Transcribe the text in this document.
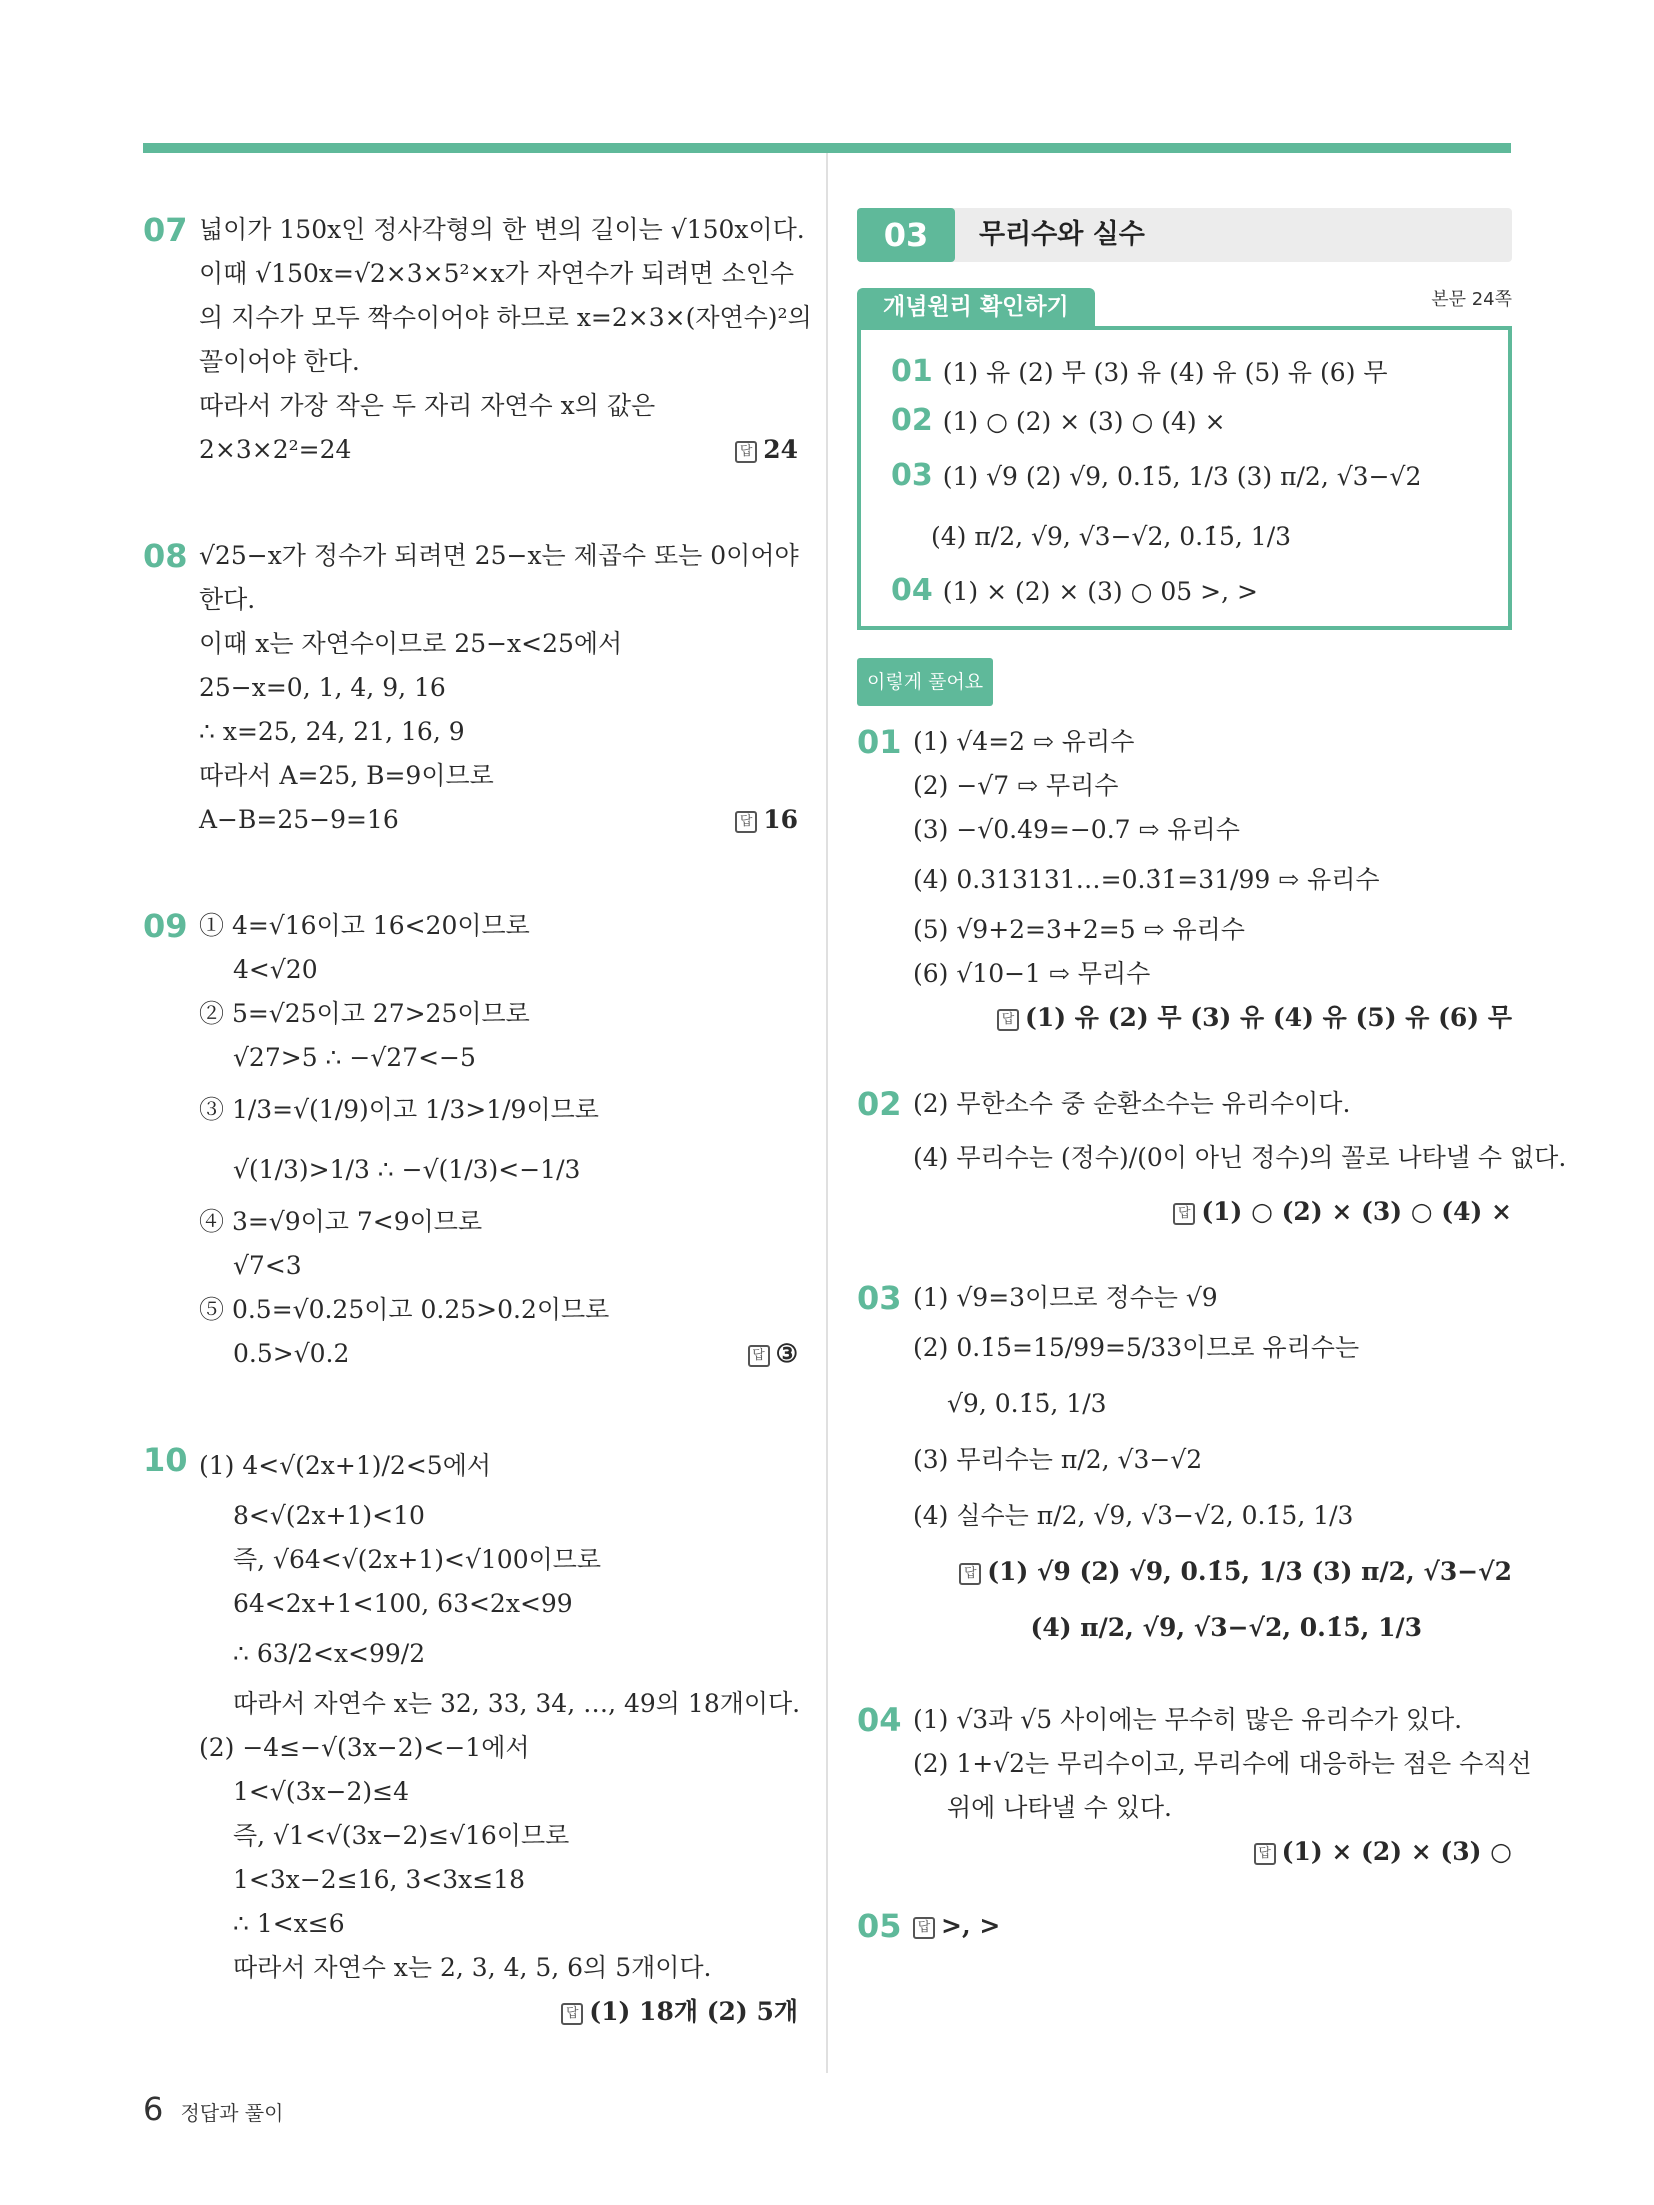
07 넓이가 150x인 정사각형의 한 변의 길이는 √150x이다.
이때 √150x=√2×3×5²×x가 자연수가 되려면 소인수
의 지수가 모두 짝수이어야 하므로 x=2×3×(자연수)²의
꼴이어야 한다.
따라서 가장 작은 두 자리 자연수 x의 값은
2×3×2²=24	답 24
08 √25−x가 정수가 되려면 25−x는 제곱수 또는 0이어야
한다.
이때 x는 자연수이므로 25−x<25에서
25−x=0, 1, 4, 9, 16
∴ x=25, 24, 21, 16, 9
따라서 A=25, B=9이므로
A−B=25−9=16	답 16
09 ① 4=√16이고 16<20이므로
4<√20
② 5=√25이고 27>25이므로
√27>5 ∴ −√27<−5
③ 1/3=√(1/9)이고 1/3>1/9이므로
√(1/3)>1/3 ∴ −√(1/3)<−1/3
④ 3=√9이고 7<9이므로
√7<3
⑤ 0.5=√0.25이고 0.25>0.2이므로
0.5>√0.2	답 ③
10 (1) 4<√(2x+1)/2<5에서
8<√(2x+1)<10
즉, √64<√(2x+1)<√100이므로
64<2x+1<100, 63<2x<99
∴ 63/2<x<99/2
따라서 자연수 x는 32, 33, 34, …, 49의 18개이다.
(2) −4≤−√(3x−2)<−1에서
1<√(3x−2)≤4
즉, √1<√(3x−2)≤√16이므로
1<3x−2≤16, 3<3x≤18
∴ 1<x≤6
따라서 자연수 x는 2, 3, 4, 5, 6의 5개이다.
답 (1) 18개 (2) 5개
03	무리수와 실수
개념원리 확인하기	본문 24쪽
01 (1) 유 (2) 무 (3) 유 (4) 유 (5) 유 (6) 무
02 (1) ○ (2) × (3) ○ (4) ×
03 (1) √9 (2) √9, 0.1̇5̇, 1/3 (3) π/2, √3−√2
(4) π/2, √9, √3−√2, 0.1̇5̇, 1/3
04 (1) × (2) × (3) ○ 05 >, >
이렇게 풀어요
01 (1) √4=2 ⇨ 유리수
(2) −√7 ⇨ 무리수
(3) −√0.49=−0.7 ⇨ 유리수
(4) 0.313131…=0.3̇1̇=31/99 ⇨ 유리수
(5) √9+2=3+2=5 ⇨ 유리수
(6) √10−1 ⇨ 무리수
답 (1) 유 (2) 무 (3) 유 (4) 유 (5) 유 (6) 무
02 (2) 무한소수 중 순환소수는 유리수이다.
(4) 무리수는 (정수)/(0이 아닌 정수)의 꼴로 나타낼 수 없다.
답 (1) ○ (2) × (3) ○ (4) ×
03 (1) √9=3이므로 정수는 √9
(2) 0.1̇5̇=15/99=5/33이므로 유리수는
√9, 0.1̇5̇, 1/3
(3) 무리수는 π/2, √3−√2
(4) 실수는 π/2, √9, √3−√2, 0.1̇5̇, 1/3
답 (1) √9 (2) √9, 0.1̇5̇, 1/3 (3) π/2, √3−√2
(4) π/2, √9, √3−√2, 0.1̇5̇, 1/3
04 (1) √3과 √5 사이에는 무수히 많은 유리수가 있다.
(2) 1+√2는 무리수이고, 무리수에 대응하는 점은 수직선
위에 나타낼 수 있다.
답 (1) × (2) × (3) ○
05	답 >, >
6 정답과 풀이
